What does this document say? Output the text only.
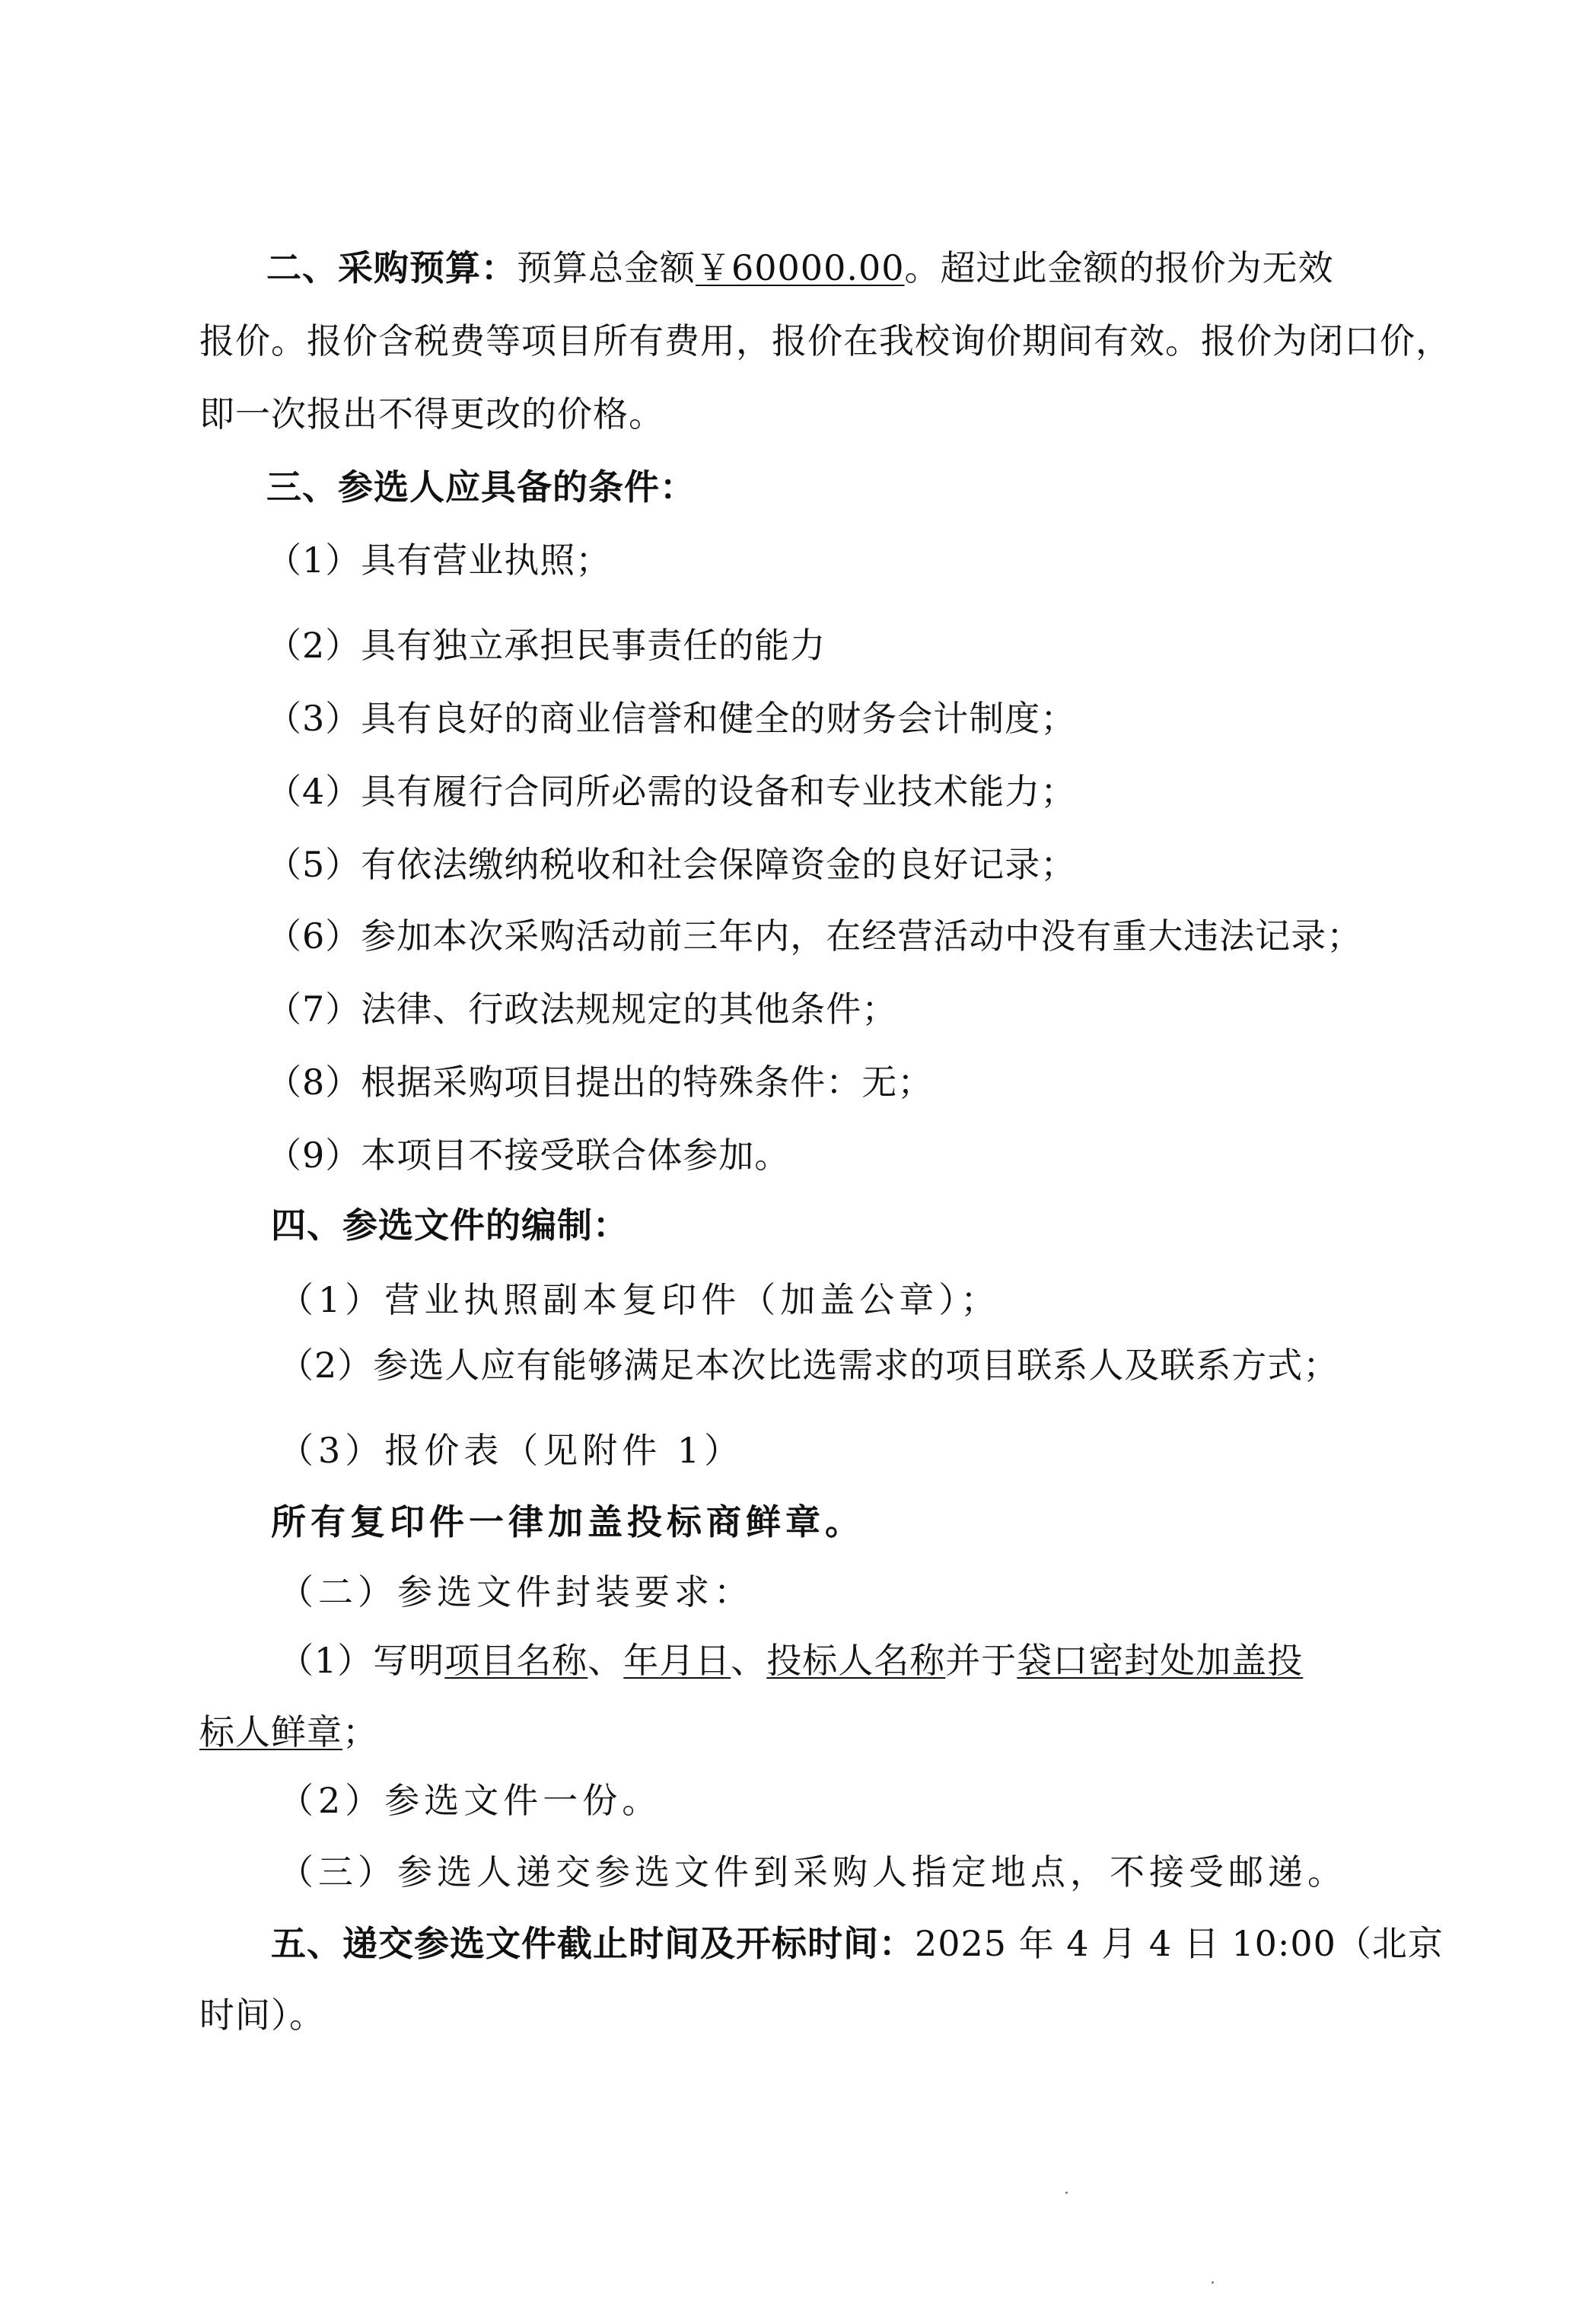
二、采购预算：预算总金额￥60000.00。超过此金额的报价为无效
报价。报价含税费等项目所有费用，报价在我校询价期间有效。报价为闭口价，
即一次报出不得更改的价格。
三、参选人应具备的条件：
（1）具有营业执照；
（2）具有独立承担民事责任的能力
（3）具有良好的商业信誉和健全的财务会计制度；
（4）具有履行合同所必需的设备和专业技术能力；
（5）有依法缴纳税收和社会保障资金的良好记录；
（6）参加本次采购活动前三年内，在经营活动中没有重大违法记录；
（7）法律、行政法规规定的其他条件；
（8）根据采购项目提出的特殊条件：无；
（9）本项目不接受联合体参加。
四、参选文件的编制：
（1）营业执照副本复印件（加盖公章）；
（2）参选人应有能够满足本次比选需求的项目联系人及联系方式；
（3）报价表（见附件 1）
所有复印件一律加盖投标商鲜章。
（二）参选文件封装要求：
（1）写明项目名称、年月日、投标人名称并于袋口密封处加盖投
标人鲜章；
（2）参选文件一份。
（三）参选人递交参选文件到采购人指定地点，不接受邮递。
五、递交参选文件截止时间及开标时间：2025 年 4 月 4 日 10:00（北京
时间）。
